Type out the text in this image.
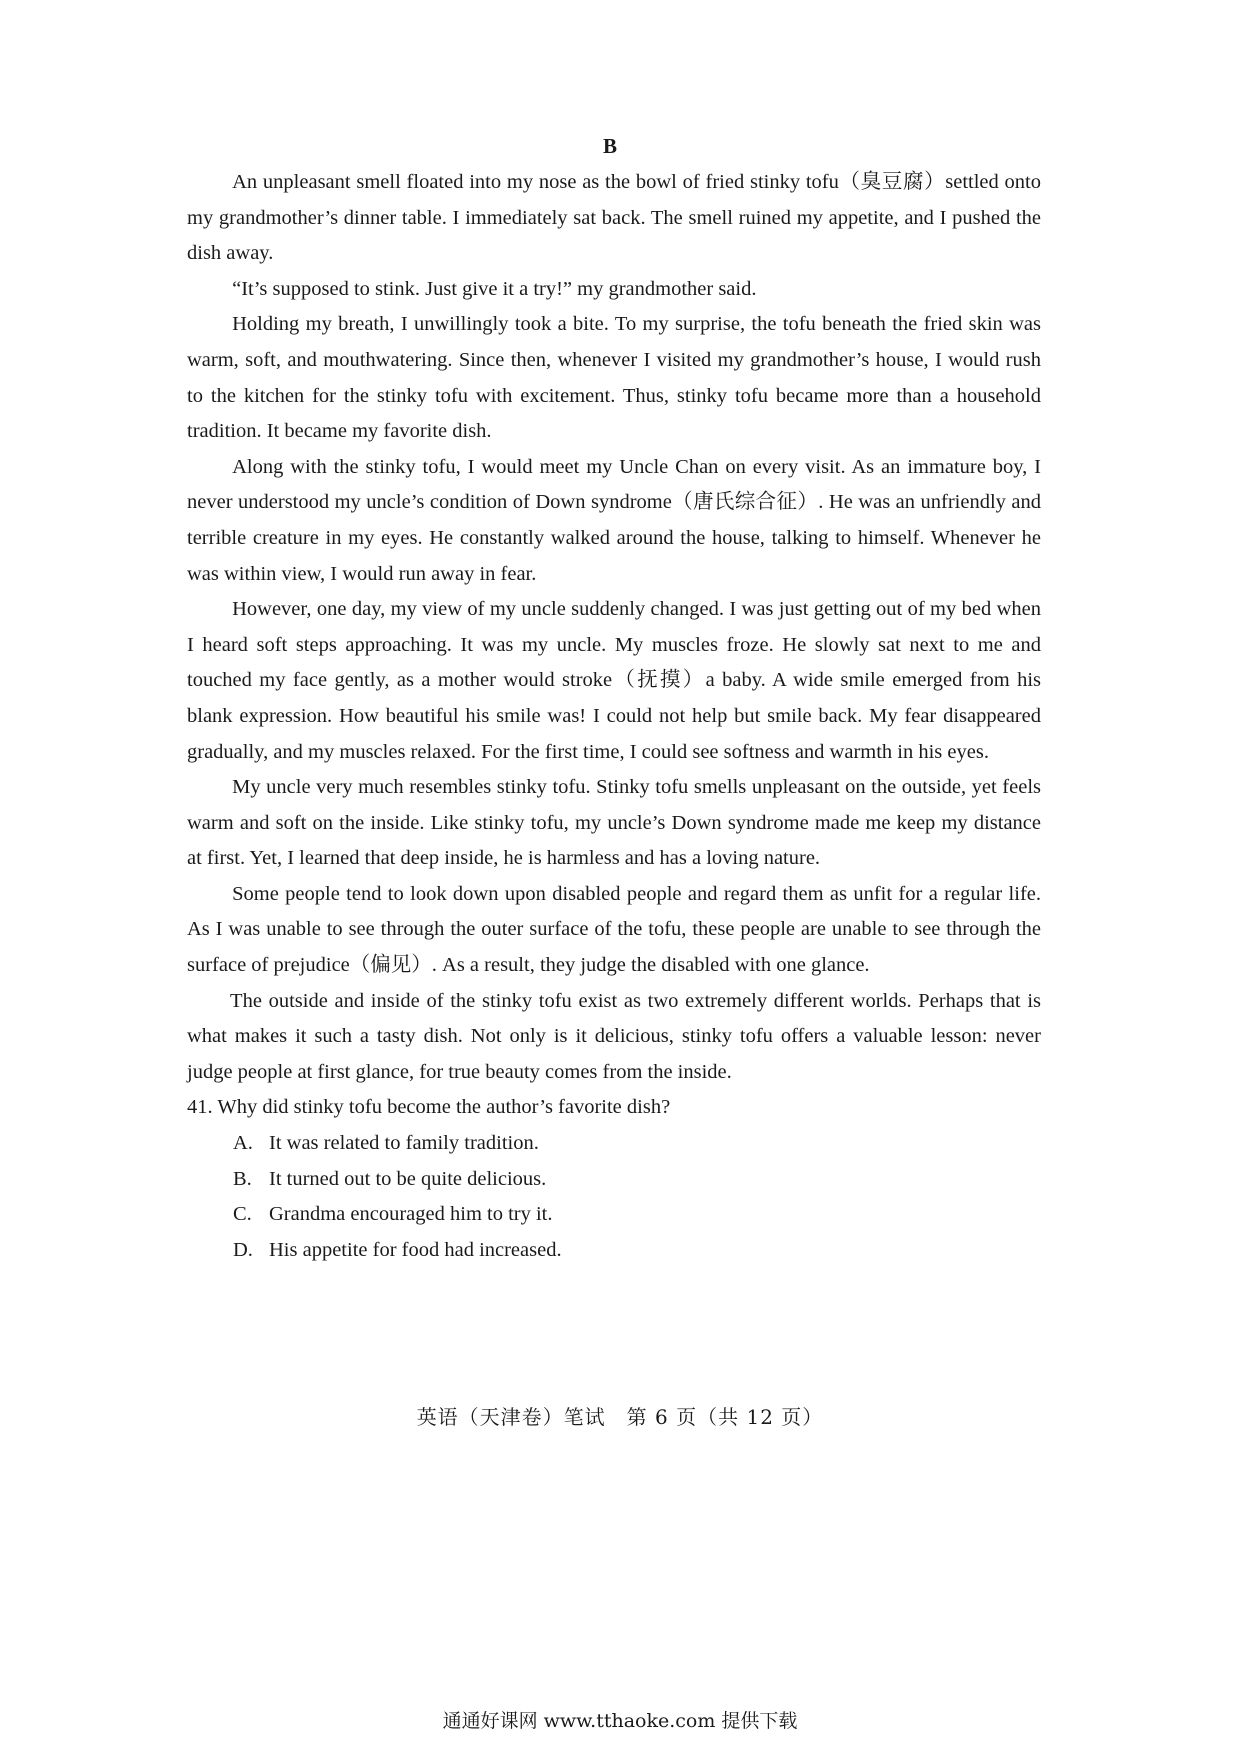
B

An unpleasant smell floated into my nose as the bowl of fried stinky tofu（臭豆腐）settled onto my grandmother’s dinner table. I immediately sat back. The smell ruined my appetite, and I pushed the dish away.

“It’s supposed to stink. Just give it a try!” my grandmother said.

Holding my breath, I unwillingly took a bite. To my surprise, the tofu beneath the fried skin was warm, soft, and mouthwatering. Since then, whenever I visited my grandmother’s house, I would rush to the kitchen for the stinky tofu with excitement. Thus, stinky tofu became more than a household tradition. It became my favorite dish.

Along with the stinky tofu, I would meet my Uncle Chan on every visit. As an immature boy, I never understood my uncle’s condition of Down syndrome（唐氏综合征）. He was an unfriendly and terrible creature in my eyes. He constantly walked around the house, talking to himself. Whenever he was within view, I would run away in fear.

However, one day, my view of my uncle suddenly changed. I was just getting out of my bed when I heard soft steps approaching. It was my uncle. My muscles froze. He slowly sat next to me and touched my face gently, as a mother would stroke（抚摸）a baby. A wide smile emerged from his blank expression. How beautiful his smile was! I could not help but smile back. My fear disappeared gradually, and my muscles relaxed. For the first time, I could see softness and warmth in his eyes.

My uncle very much resembles stinky tofu. Stinky tofu smells unpleasant on the outside, yet feels warm and soft on the inside. Like stinky tofu, my uncle’s Down syndrome made me keep my distance at first. Yet, I learned that deep inside, he is harmless and has a loving nature.

Some people tend to look down upon disabled people and regard them as unfit for a regular life. As I was unable to see through the outer surface of the tofu, these people are unable to see through the surface of prejudice（偏见）. As a result, they judge the disabled with one glance.

The outside and inside of the stinky tofu exist as two extremely different worlds. Perhaps that is what makes it such a tasty dish. Not only is it delicious, stinky tofu offers a valuable lesson: never judge people at first glance, for true beauty comes from the inside.

41. Why did stinky tofu become the author’s favorite dish?
A. It was related to family tradition.
B. It turned out to be quite delicious.
C. Grandma encouraged him to try it.
D. His appetite for food had increased.
英语（天津卷）笔试　第 6 页（共 12 页）
通通好课网 www.tthaoke.com 提供下载
